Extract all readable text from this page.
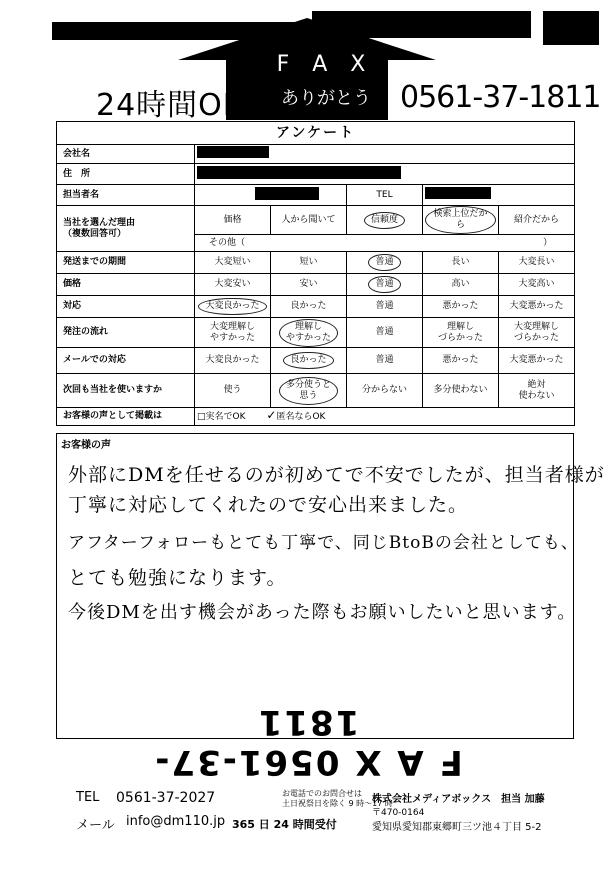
F A X
ありがとう
24時間OK	0561-37-1811
アンケート					
会社名					
住　所					
担当者名			TEL		
当社を選んだ理由
（複数回答可）	価格	人から聞いて	信頼度	検索上位だから	紹介だから
	その他（ ）				

発送までの期間	大変短い	短い	普通	長い	大変長い
価格	大変安い	安い	普通	高い	大変高い
対応	大変良かった	良かった	普通	悪かった	大変悪かった
発注の流れ	大変理解し
やすかった	理解し
やすかった	普通	理解し
づらかった	大変理解し
づらかった
メールでの対応	大変良かった	良かった	普通	悪かった	大変悪かった
次回も当社を使いますか	使う	多分使うと
思う	分からない	多分使わない	絶対
使わない
お客様の声として掲載は	□実名でOK ✓匿名ならOK				
お客様の声
外部にDMを任せるのが初めてで不安でしたが、担当者様が
丁寧に対応してくれたので安心出来ました。
アフターフォローもとても丁寧で、同じBtoBの会社としても、
とても勉強になります。
今後DMを出す機会があった際もお願いしたいと思います。
F A X 0561-37-1811
TEL 0561-37-2027	お電話でのお問合せは
土日祝祭日を除く 9 時～17 時
メール info@dm110.jp 365 日 24 時間受付
株式会社メディアボックス　担当 加藤
〒470-0164
愛知県愛知郡東郷町三ツ池４丁目 5-2
